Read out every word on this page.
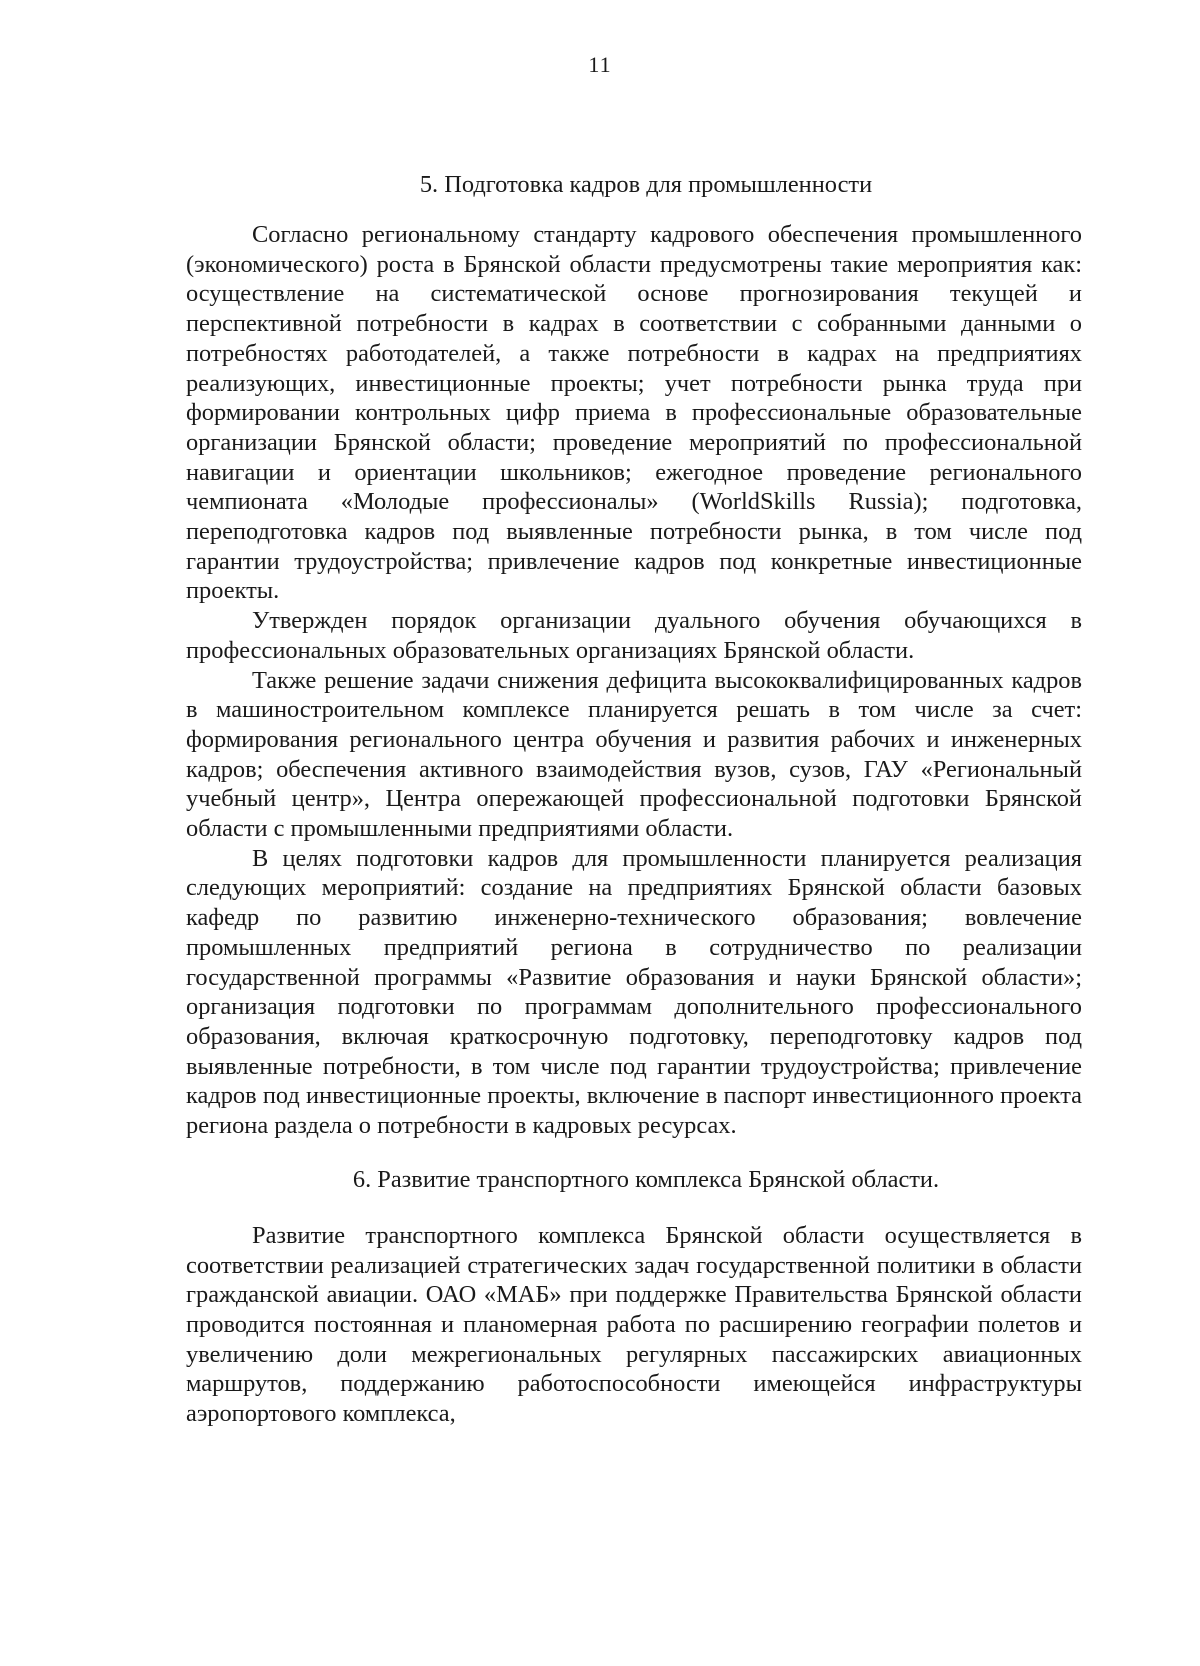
11
5. Подготовка кадров для промышленности

Согласно региональному стандарту кадрового обеспечения промышленного (экономического) роста в Брянской области предусмотрены такие мероприятия как: осуществление на систематической основе прогнозирования текущей и перспективной потребности в кадрах в соответствии с собранными данными о потребностях работодателей, а также потребности в кадрах на предприятиях реализующих, инвестиционные проекты; учет потребности рынка труда при формировании контрольных цифр приема в профессиональные образовательные организации Брянской области; проведение мероприятий по профессиональной навигации и ориентации школьников; ежегодное проведение регионального чемпионата «Молодые профессионалы» (WorldSkills Russia); подготовка, переподготовка кадров под выявленные потребности рынка, в том числе под гарантии трудоустройства; привлечение кадров под конкретные инвестиционные проекты.

Утвержден порядок организации дуального обучения обучающихся в профессиональных образовательных организациях Брянской области.

Также решение задачи снижения дефицита высококвалифицированных кадров в машиностроительном комплексе планируется решать в том числе за счет: формирования регионального центра обучения и развития рабочих и инженерных кадров; обеспечения активного взаимодействия вузов, сузов, ГАУ «Региональный учебный центр», Центра опережающей профессиональной подготовки Брянской области с промышленными предприятиями области.

В целях подготовки кадров для промышленности планируется реализация следующих мероприятий: создание на предприятиях Брянской области базовых кафедр по развитию инженерно-технического образования; вовлечение промышленных предприятий региона в сотрудничество по реализации государственной программы «Развитие образования и науки Брянской области»; организация подготовки по программам дополнительного профессионального образования, включая краткосрочную подготовку, переподготовку кадров под выявленные потребности, в том числе под гарантии трудоустройства; привлечение кадров под инвестиционные проекты, включение в паспорт инвестиционного проекта региона раздела о потребности в кадровых ресурсах.

6. Развитие транспортного комплекса Брянской области.

Развитие транспортного комплекса Брянской области осуществляется в соответствии реализацией стратегических задач государственной политики в области гражданской авиации. ОАО «МАБ» при поддержке Правительства Брянской области проводится постоянная и планомерная работа по расширению географии полетов и увеличению доли межрегиональных регулярных пассажирских авиационных маршрутов, поддержанию работоспособности имеющейся инфраструктуры аэропортового комплекса,
